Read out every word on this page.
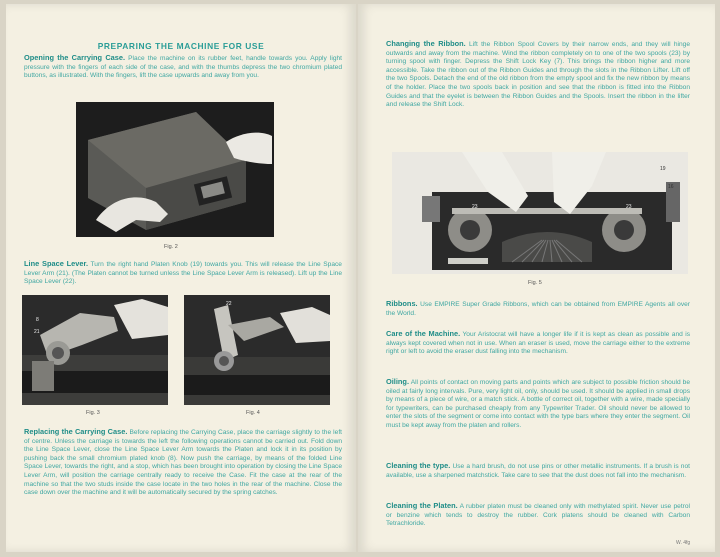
PREPARING THE MACHINE FOR USE

Opening the Carrying Case. Place the machine on its rubber feet, handle towards you. Apply light pressure with the fingers of each side of the case, and with the thumbs depress the two chromium plated buttons, as illustrated. With the fingers, lift the case upwards and away from you.

Fig. 2

Line Space Lever. Turn the right hand Platen Knob (19) towards you. This will release the Line Space Lever Arm (21). (The Platen cannot be turned unless the Line Space Lever Arm is released). Lift up the Line Space Lever (22).

8
21

Fig. 3

22

Fig. 4

Replacing the Carrying Case. Before replacing the Carrying Case, place the carriage slightly to the left of centre. Unless the carriage is towards the left the following operations cannot be carried out. Fold down the Line Space Lever, close the Line Space Lever Arm towards the Platen and lock it in its position by pushing back the small chromium plated knob (8). Now push the carriage, by means of the folded Line Space Lever, towards the right, and a stop, which has been brought into operation by closing the Line Space Lever Arm, will position the carriage centrally ready to receive the Case. Fit the case at the rear of the machine so that the two studs inside the case locate in the two holes in the rear of the machine. Close the case down over the machine and it will be automatically secured by the spring catches.

Changing the Ribbon. Lift the Ribbon Spool Covers by their narrow ends, and they will hinge outwards and away from the machine. Wind the ribbon completely on to one of the two spools (23) by turning spool with finger. Depress the Shift Lock Key (7). This brings the ribbon higher and more accessible. Take the ribbon out of the Ribbon Guides and through the slots in the Ribbon Lifter. Lift off the two Spools. Detach the end of the old ribbon from the empty spool and fix the new ribbon by means of the holder. Place the two spools back in position and see that the ribbon is fitted into the Ribbon Guides and that the eyelet is between the Ribbon Guides and the Spools. Insert the ribbon in the lifter and release the Shift Lock.

19
16
23	23

Fig. 5

Ribbons. Use EMPIRE Super Grade Ribbons, which can be obtained from EMPIRE Agents all over the World.

Care of the Machine. Your Aristocrat will have a longer life if it is kept as clean as possible and is always kept covered when not in use. When an eraser is used, move the carriage either to the extreme right or left to avoid the eraser dust falling into the mechanism.

Oiling. All points of contact on moving parts and points which are subject to possible friction should be oiled at fairly long intervals. Pure, very light oil, only, should be used. It should be applied in small drops by means of a piece of wire, or a match stick. A bottle of correct oil, together with a wire, made specially for typewriters, can be purchased cheaply from any Typewriter Trader. Oil should never be allowed to enter the slots of the segment or come into contact with the type bars where they enter the segment. Oil must be kept away from the platen and rollers.

Cleaning the type. Use a hard brush, do not use pins or other metallic instruments. If a brush is not available, use a sharpened matchstick. Take care to see that the dust does not fall into the mechanism.

Cleaning the Platen. A rubber platen must be cleaned only with methylated spirit. Never use petrol or benzine which tends to destroy the rubber. Cork platens should be cleaned with Carbon Tetrachloride.

W. 4fg
